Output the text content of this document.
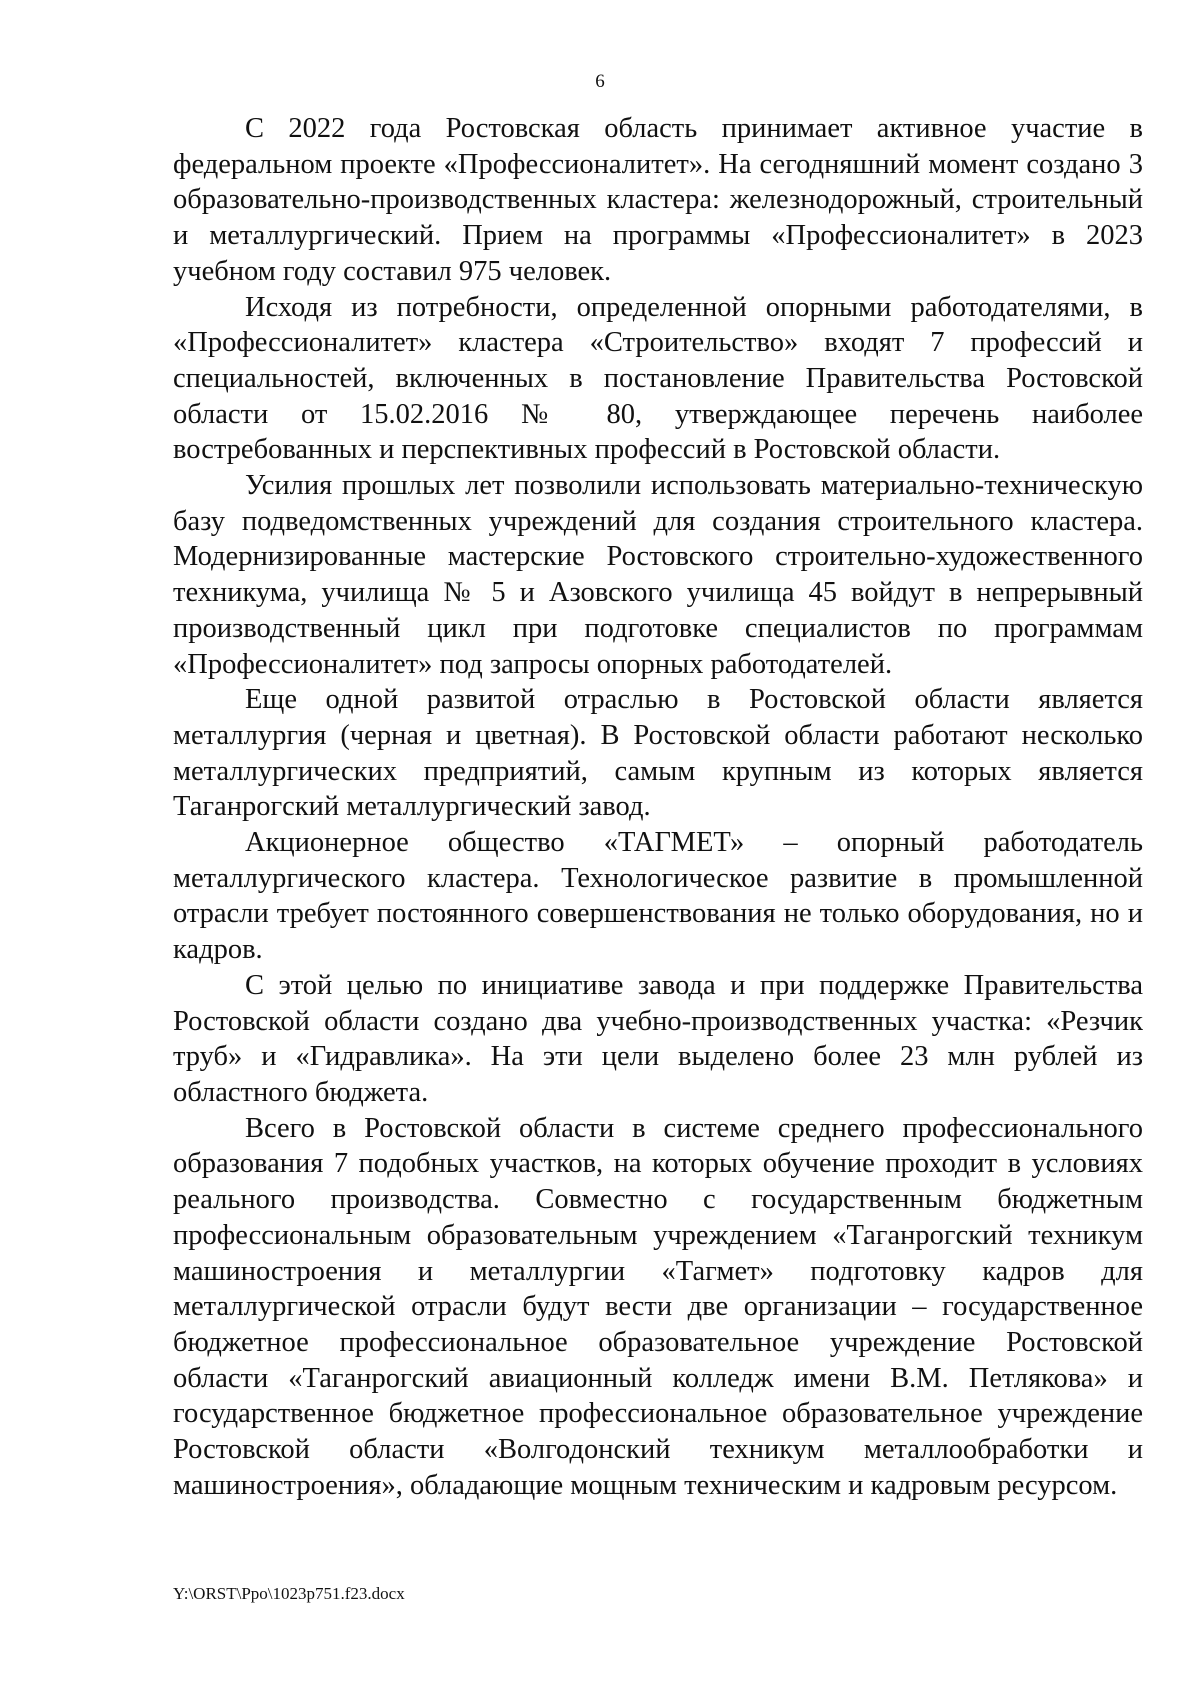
6

С 2022 года Ростовская область принимает активное участие в федеральном проекте «Профессионалитет». На сегодняшний момент создано 3 образовательно-производственных кластера: железнодорожный, строительный и металлургический. Прием на программы «Профессионалитет» в 2023 учебном году составил 975 человек.

Исходя из потребности, определенной опорными работодателями, в «Профессионалитет» кластера «Строительство» входят 7 профессий и специальностей, включенных в постановление Правительства Ростовской области от 15.02.2016 № 80, утверждающее перечень наиболее востребованных и перспективных профессий в Ростовской области.

Усилия прошлых лет позволили использовать материально-техническую базу подведомственных учреждений для создания строительного кластера. Модернизированные мастерские Ростовского строительно-художественного техникума, училища № 5 и Азовского училища 45 войдут в непрерывный производственный цикл при подготовке специалистов по программам «Профессионалитет» под запросы опорных работодателей.

Еще одной развитой отраслью в Ростовской области является металлургия (черная и цветная). В Ростовской области работают несколько металлургических предприятий, самым крупным из которых является Таганрогский металлургический завод.

Акционерное общество «ТАГМЕТ» – опорный работодатель металлургического кластера. Технологическое развитие в промышленной отрасли требует постоянного совершенствования не только оборудования, но и кадров.

С этой целью по инициативе завода и при поддержке Правительства Ростовской области создано два учебно-производственных участка: «Резчик труб» и «Гидравлика». На эти цели выделено более 23 млн рублей из областного бюджета.

Всего в Ростовской области в системе среднего профессионального образования 7 подобных участков, на которых обучение проходит в условиях реального производства. Совместно с государственным бюджетным профессиональным образовательным учреждением «Таганрогский техникум машиностроения и металлургии «Тагмет» подготовку кадров для металлургической отрасли будут вести две организации – государственное бюджетное профессиональное образовательное учреждение Ростовской области «Таганрогский авиационный колледж имени В.М. Петлякова» и государственное бюджетное профессиональное образовательное учреждение Ростовской области «Волгодонский техникум металлообработки и машиностроения», обладающие мощным техническим и кадровым ресурсом.

Y:\ORST\Ppo\1023p751.f23.docx
